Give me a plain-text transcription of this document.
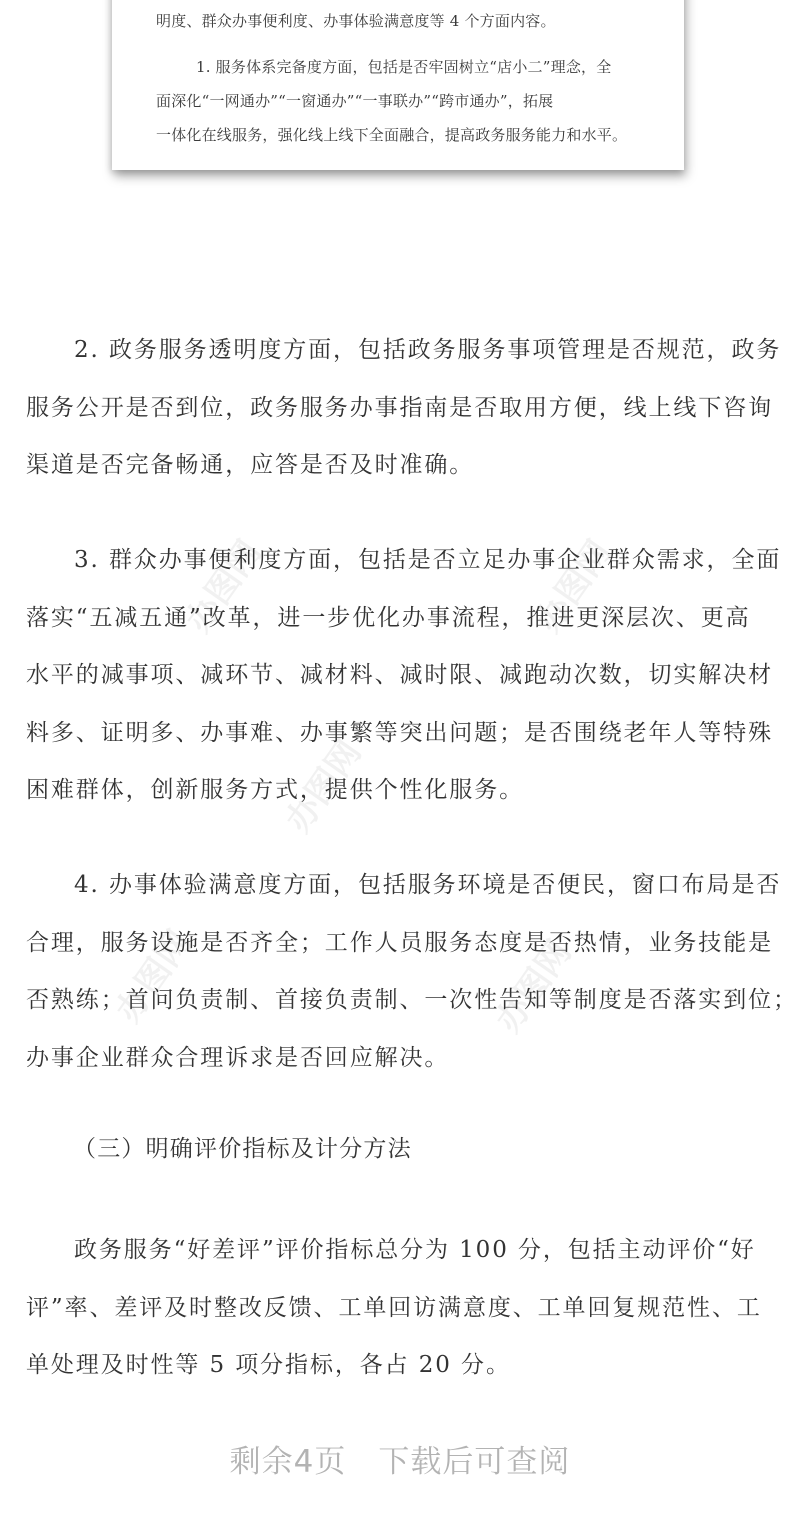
明度、群众办事便利度、办事体验满意度等 4 个方面内容。

1. 服务体系完备度方面，包括是否牢固树立“店小二”理念，全

面深化“一网通办”“一窗通办”“一事联办”“跨市通办”，拓展

一体化在线服务，强化线上线下全面融合，提高政务服务能力和水平。

办图网	办图网
办图网
办图网	办图网
2. 政务服务透明度方面，包括政务服务事项管理是否规范，政务
服务公开是否到位，政务服务办事指南是否取用方便，线上线下咨询
渠道是否完备畅通，应答是否及时准确。
3. 群众办事便利度方面，包括是否立足办事企业群众需求，全面
落实“五减五通”改革，进一步优化办事流程，推进更深层次、更高
水平的减事项、减环节、减材料、减时限、减跑动次数，切实解决材
料多、证明多、办事难、办事繁等突出问题；是否围绕老年人等特殊
困难群体，创新服务方式，提供个性化服务。
4. 办事体验满意度方面，包括服务环境是否便民，窗口布局是否
合理，服务设施是否齐全；工作人员服务态度是否热情，业务技能是
否熟练；首问负责制、首接负责制、一次性告知等制度是否落实到位；
办事企业群众合理诉求是否回应解决。

（三）明确评价指标及计分方法

政务服务“好差评”评价指标总分为 100 分，包括主动评价“好
评”率、差评及时整改反馈、工单回访满意度、工单回复规范性、工
单处理及时性等 5 项分指标，各占 20 分。
剩余4页 下载后可查阅
